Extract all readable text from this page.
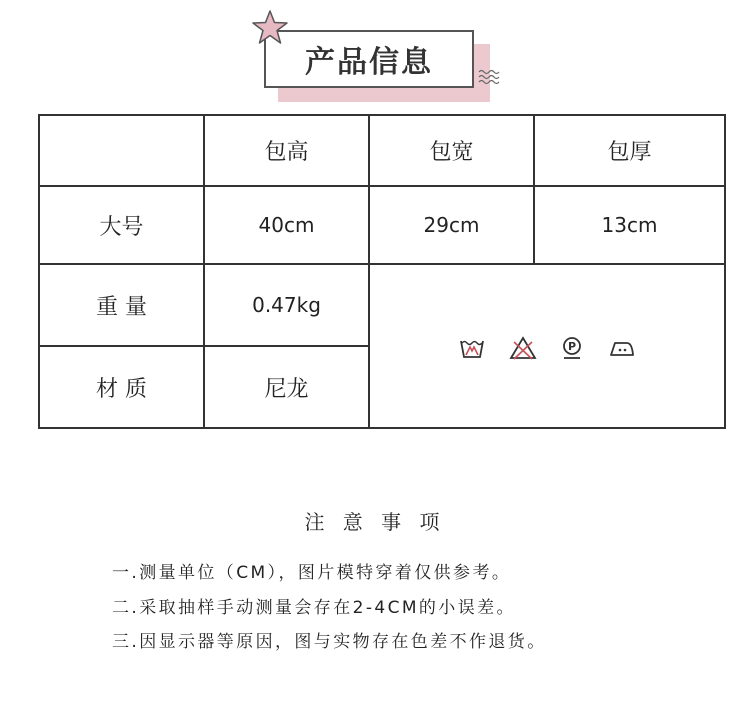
产品信息
	包高	包宽	包厚
大号	40cm	29cm	13cm
重 量	0.47kg	P	

材 质	尼龙		
注 意 事 项
一.测量单位（CM），图片模特穿着仅供参考。
二.采取抽样手动测量会存在2-4CM的小误差。
三.因显示器等原因，图与实物存在色差不作退货。
